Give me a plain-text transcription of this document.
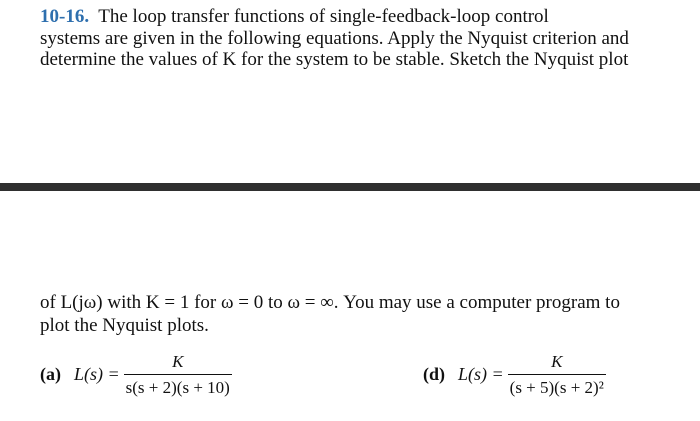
10-16. The loop transfer functions of single-feedback-loop control
systems are given in the following equations. Apply the Nyquist criterion and
determine the values of K for the system to be stable. Sketch the Nyquist plot
of L(jω) with K = 1 for ω = 0 to ω = ∞. You may use a computer program to
plot the Nyquist plots.
(a) $L(s) = \frac{K}{s(s + 2)(s + 10)}$	(d) $L(s) = \frac{K}{\text{(s + 5)(s + 2)²}}$
